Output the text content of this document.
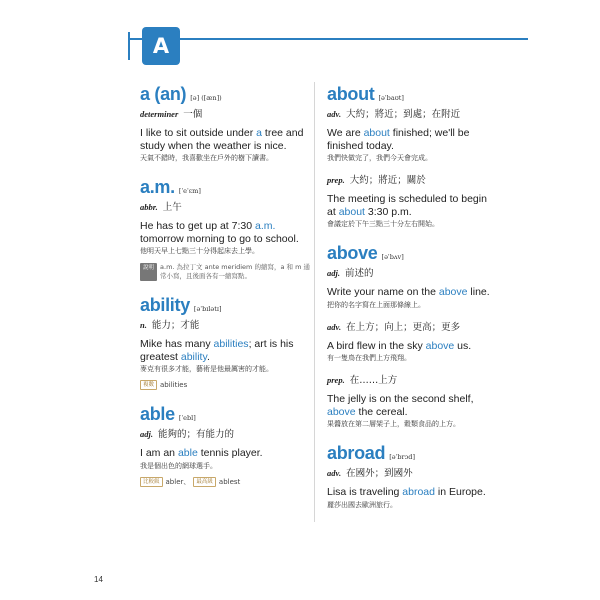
A
a (an) [ə] ([æn])
determiner 一個
I like to sit outside under a tree and study when the weather is nice.
天氣不錯時，我喜歡坐在戶外的樹下讀書。
a.m. [ˈeˈɛm]
abbr. 上午
He has to get up at 7:30 a.m. tomorrow morning to go to school.
他明天早上七點三十分得起床去上學。
說明 a.m. 為拉丁文 ante meridiem 的縮寫，a 和 m 通常小寫，且後面各有一縮寫點。
ability [əˈbɪlətɪ]
n. 能力；才能
Mike has many abilities; art is his greatest ability.
麥克有很多才能，藝術是他最厲害的才能。
複數 abilities
able [ˈebl]
adj. 能夠的；有能力的
I am an able tennis player.
我是個出色的網球選手。
比較級 abler、	最高級 ablest
about [əˈbaʊt]
adv. 大約；將近；到處；在附近
We are about finished; we'll be finished today.
我們快做完了，我們今天會完成。
prep. 大約；將近；關於
The meeting is scheduled to begin at about 3:30 p.m.
會議定於下午三點三十分左右開始。
above [əˈbʌv]
adj. 前述的
Write your name on the above line.
把你的名字寫在上面那條線上。
adv. 在上方；向上；更高；更多
A bird flew in the sky above us.
有一隻鳥在我們上方飛翔。
prep. 在……上方
The jelly is on the second shelf, above the cereal.
果醬放在第二層架子上，穀類食品的上方。
abroad [əˈbrɔd]
adv. 在國外；到國外
Lisa is traveling abroad in Europe.
麗莎出國去歐洲旅行。
14
